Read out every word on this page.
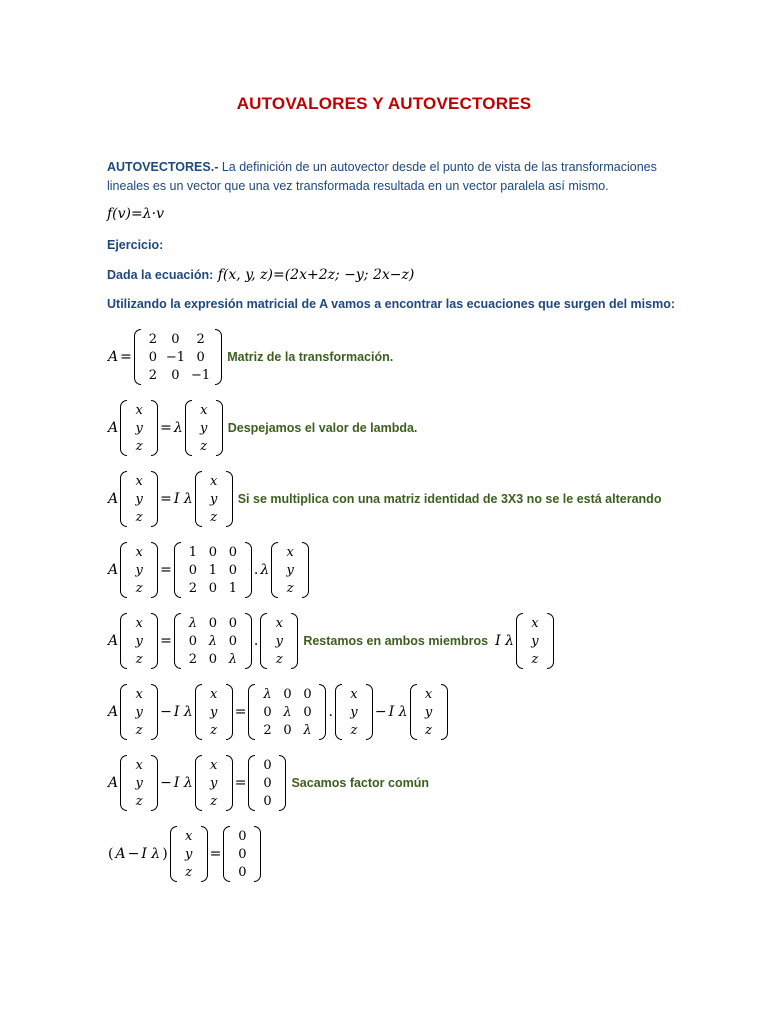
AUTOVALORES Y AUTOVECTORES
AUTOVECTORES.- La definición de un autovector desde el punto de vista de las transformaciones
lineales es un vector que una vez transformada resultada en un vector paralela así mismo.
f(v)=λ·v
Ejercicio:
Dada la ecuación: f(x, y, z)=(2x+2z; −y; 2x−z)
Utilizando la expresión matricial de A vamos a encontrar las ecuaciones que surgen del mismo:
A =
2	0	2
0 −1 0
2	0 −1
Matriz de la transformación.
A
x
y
z
= λ
x
y
z
Despejamos el valor de lambda.
A
x
y
z
= I λ
x
y
z
Si se multiplica con una matriz identidad de 3X3 no se le está alterando
A
x
y
z
=
1 0 0
0 1 0
2 0 1
. λ
x
y
z
A
x
y
z
=
λ 0 0
0 λ 0
2 0 λ
.
x
y
z
Restamos en ambos miembros I λ
x
y
z
A
x
y
z
− I λ
x
y
z
=
λ 0 0
0 λ 0
2 0 λ
.
x
y
z
− I λ
x
y
z
A
x
y
z
− I λ
x
y
z
=
0
0
0
Sacamos factor común
( A − I λ )
x
y
z
=
0
0
0
